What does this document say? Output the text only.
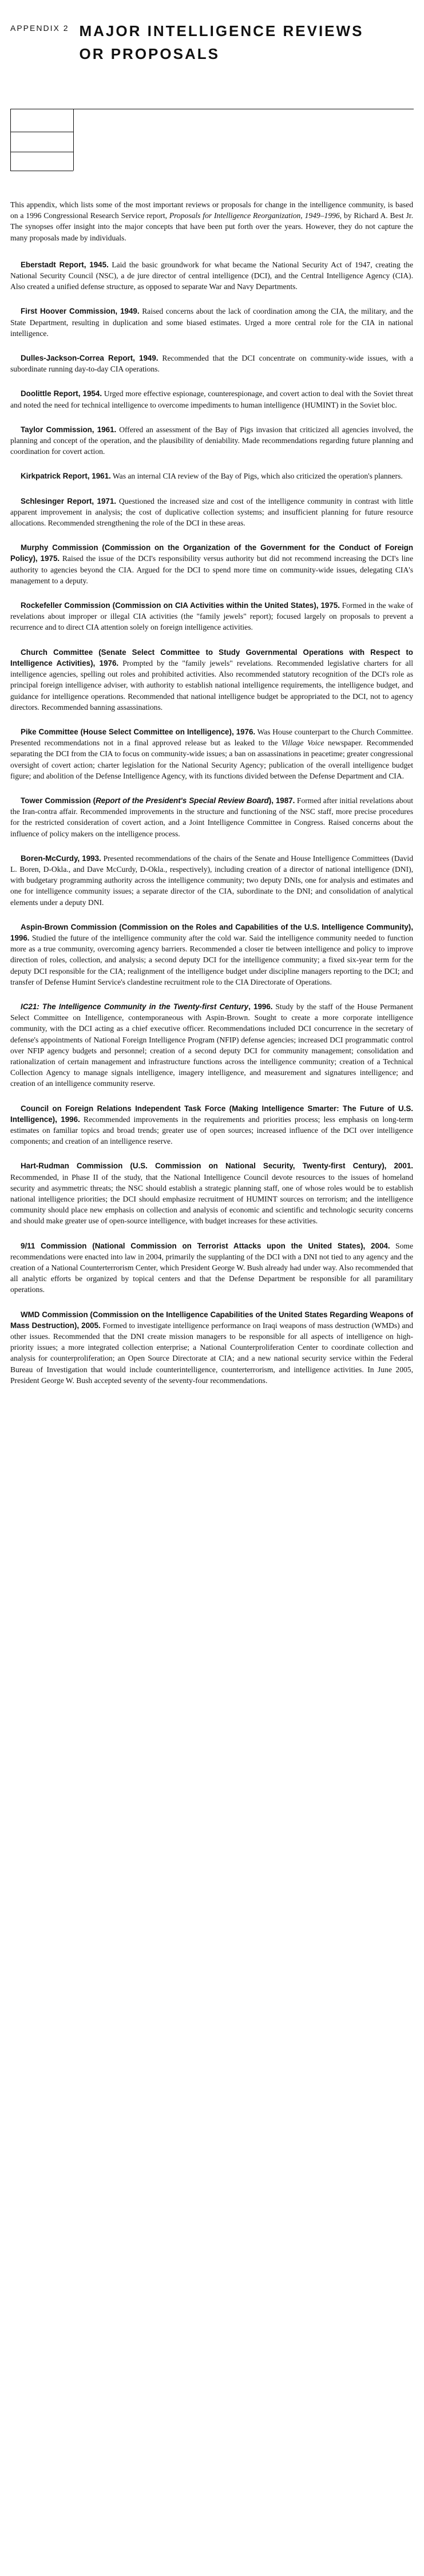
APPENDIX 2 MAJOR INTELLIGENCE REVIEWS OR PROPOSALS

This appendix, which lists some of the most important reviews or proposals for change in the intelligence community, is based on a 1996 Congressional Research Service report, Proposals for Intelligence Reorganization, 1949–1996, by Richard A. Best Jr. The synopses offer insight into the major concepts that have been put forth over the years. However, they do not capture the many proposals made by individuals.

Eberstadt Report, 1945. Laid the basic groundwork for what became the National Security Act of 1947, creating the National Security Council (NSC), a de jure director of central intelligence (DCI), and the Central Intelligence Agency (CIA). Also created a unified defense structure, as opposed to separate War and Navy Departments.

First Hoover Commission, 1949. Raised concerns about the lack of coordination among the CIA, the military, and the State Department, resulting in duplication and some biased estimates. Urged a more central role for the CIA in national intelligence.

Dulles-Jackson-Correa Report, 1949. Recommended that the DCI concentrate on community-wide issues, with a subordinate running day-to-day CIA operations.

Doolittle Report, 1954. Urged more effective espionage, counterespionage, and covert action to deal with the Soviet threat and noted the need for technical intelligence to overcome impediments to human intelligence (HUMINT) in the Soviet bloc.

Taylor Commission, 1961. Offered an assessment of the Bay of Pigs invasion that criticized all agencies involved, the planning and concept of the operation, and the plausibility of deniability. Made recommendations regarding future planning and coordination for covert action.

Kirkpatrick Report, 1961. Was an internal CIA review of the Bay of Pigs, which also criticized the operation's planners.

Schlesinger Report, 1971. Questioned the increased size and cost of the intelligence community in contrast with little apparent improvement in analysis; the cost of duplicative collection systems; and insufficient planning for future resource allocations. Recommended strengthening the role of the DCI in these areas.

Murphy Commission (Commission on the Organization of the Government for the Conduct of Foreign Policy), 1975. Raised the issue of the DCI's responsibility versus authority but did not recommend increasing the DCI's line authority to agencies beyond the CIA. Argued for the DCI to spend more time on community-wide issues, delegating CIA's management to a deputy.

Rockefeller Commission (Commission on CIA Activities within the United States), 1975. Formed in the wake of revelations about improper or illegal CIA activities (the "family jewels" report); focused largely on proposals to prevent a recurrence and to direct CIA attention solely on foreign intelligence activities.

Church Committee (Senate Select Committee to Study Governmental Operations with Respect to Intelligence Activities), 1976. Prompted by the "family jewels" revelations. Recommended legislative charters for all intelligence agencies, spelling out roles and prohibited activities. Also recommended statutory recognition of the DCI's role as principal foreign intelligence adviser, with authority to establish national intelligence requirements, the intelligence budget, and guidance for intelligence operations. Recommended that national intelligence budget be appropriated to the DCI, not to agency directors. Recommended banning assassinations.

Pike Committee (House Select Committee on Intelligence), 1976. Was House counterpart to the Church Committee. Presented recommendations not in a final approved release but as leaked to the Village Voice newspaper. Recommended separating the DCI from the CIA to focus on community-wide issues; a ban on assassinations in peacetime; greater congressional oversight of covert action; charter legislation for the National Security Agency; publication of the overall intelligence budget figure; and abolition of the Defense Intelligence Agency, with its functions divided between the Defense Department and CIA.

Tower Commission (Report of the President's Special Review Board), 1987. Formed after initial revelations about the Iran-contra affair. Recommended improvements in the structure and functioning of the NSC staff, more precise procedures for the restricted consideration of covert action, and a Joint Intelligence Committee in Congress. Raised concerns about the influence of policy makers on the intelligence process.

Boren-McCurdy, 1993. Presented recommendations of the chairs of the Senate and House Intelligence Committees (David L. Boren, D-Okla., and Dave McCurdy, D-Okla., respectively), including creation of a director of national intelligence (DNI), with budgetary programming authority across the intelligence community; two deputy DNIs, one for analysis and estimates and one for intelligence community issues; a separate director of the CIA, subordinate to the DNI; and consolidation of analytical elements under a deputy DNI.

Aspin-Brown Commission (Commission on the Roles and Capabilities of the U.S. Intelligence Community), 1996. Studied the future of the intelligence community after the cold war. Said the intelligence community needed to function more as a true community, overcoming agency barriers. Recommended a closer tie between intelligence and policy to improve direction of roles, collection, and analysis; a second deputy DCI for the intelligence community; a fixed six-year term for the deputy DCI responsible for the CIA; realignment of the intelligence budget under discipline managers reporting to the DCI; and transfer of Defense Humint Service's clandestine recruitment role to the CIA Directorate of Operations.

IC21: The Intelligence Community in the Twenty-first Century, 1996. Study by the staff of the House Permanent Select Committee on Intelligence, contemporaneous with Aspin-Brown. Sought to create a more corporate intelligence community, with the DCI acting as a chief executive officer. Recommendations included DCI concurrence in the secretary of defense's appointments of National Foreign Intelligence Program (NFIP) defense agencies; increased DCI programmatic control over NFIP agency budgets and personnel; creation of a second deputy DCI for community management; consolidation and rationalization of certain management and infrastructure functions across the intelligence community; creation of a Technical Collection Agency to manage signals intelligence, imagery intelligence, and measurement and signatures intelligence; and creation of an intelligence community reserve.

Council on Foreign Relations Independent Task Force (Making Intelligence Smarter: The Future of U.S. Intelligence), 1996. Recommended improvements in the requirements and priorities process; less emphasis on long-term estimates on familiar topics and broad trends; greater use of open sources; increased influence of the DCI over intelligence components; and creation of an intelligence reserve.

Hart-Rudman Commission (U.S. Commission on National Security, Twenty-first Century), 2001. Recommended, in Phase II of the study, that the National Intelligence Council devote resources to the issues of homeland security and asymmetric threats; the NSC should establish a strategic planning staff, one of whose roles would be to establish national intelligence priorities; the DCI should emphasize recruitment of HUMINT sources on terrorism; and the intelligence community should place new emphasis on collection and analysis of economic and scientific and technologic security concerns and should make greater use of open-source intelligence, with budget increases for these activities.

9/11 Commission (National Commission on Terrorist Attacks upon the United States), 2004. Some recommendations were enacted into law in 2004, primarily the supplanting of the DCI with a DNI not tied to any agency and the creation of a National Counterterrorism Center, which President George W. Bush already had under way. Also recommended that all analytic efforts be organized by topical centers and that the Defense Department be responsible for all paramilitary operations.

WMD Commission (Commission on the Intelligence Capabilities of the United States Regarding Weapons of Mass Destruction), 2005. Formed to investigate intelligence performance on Iraqi weapons of mass destruction (WMDs) and other issues. Recommended that the DNI create mission managers to be responsible for all aspects of intelligence on high-priority issues; a more integrated collection enterprise; a National Counterproliferation Center to coordinate collection and analysis for counterproliferation; an Open Source Directorate at CIA; and a new national security service within the Federal Bureau of Investigation that would include counterintelligence, counterterrorism, and intelligence activities. In June 2005, President George W. Bush accepted seventy of the seventy-four recommendations.
